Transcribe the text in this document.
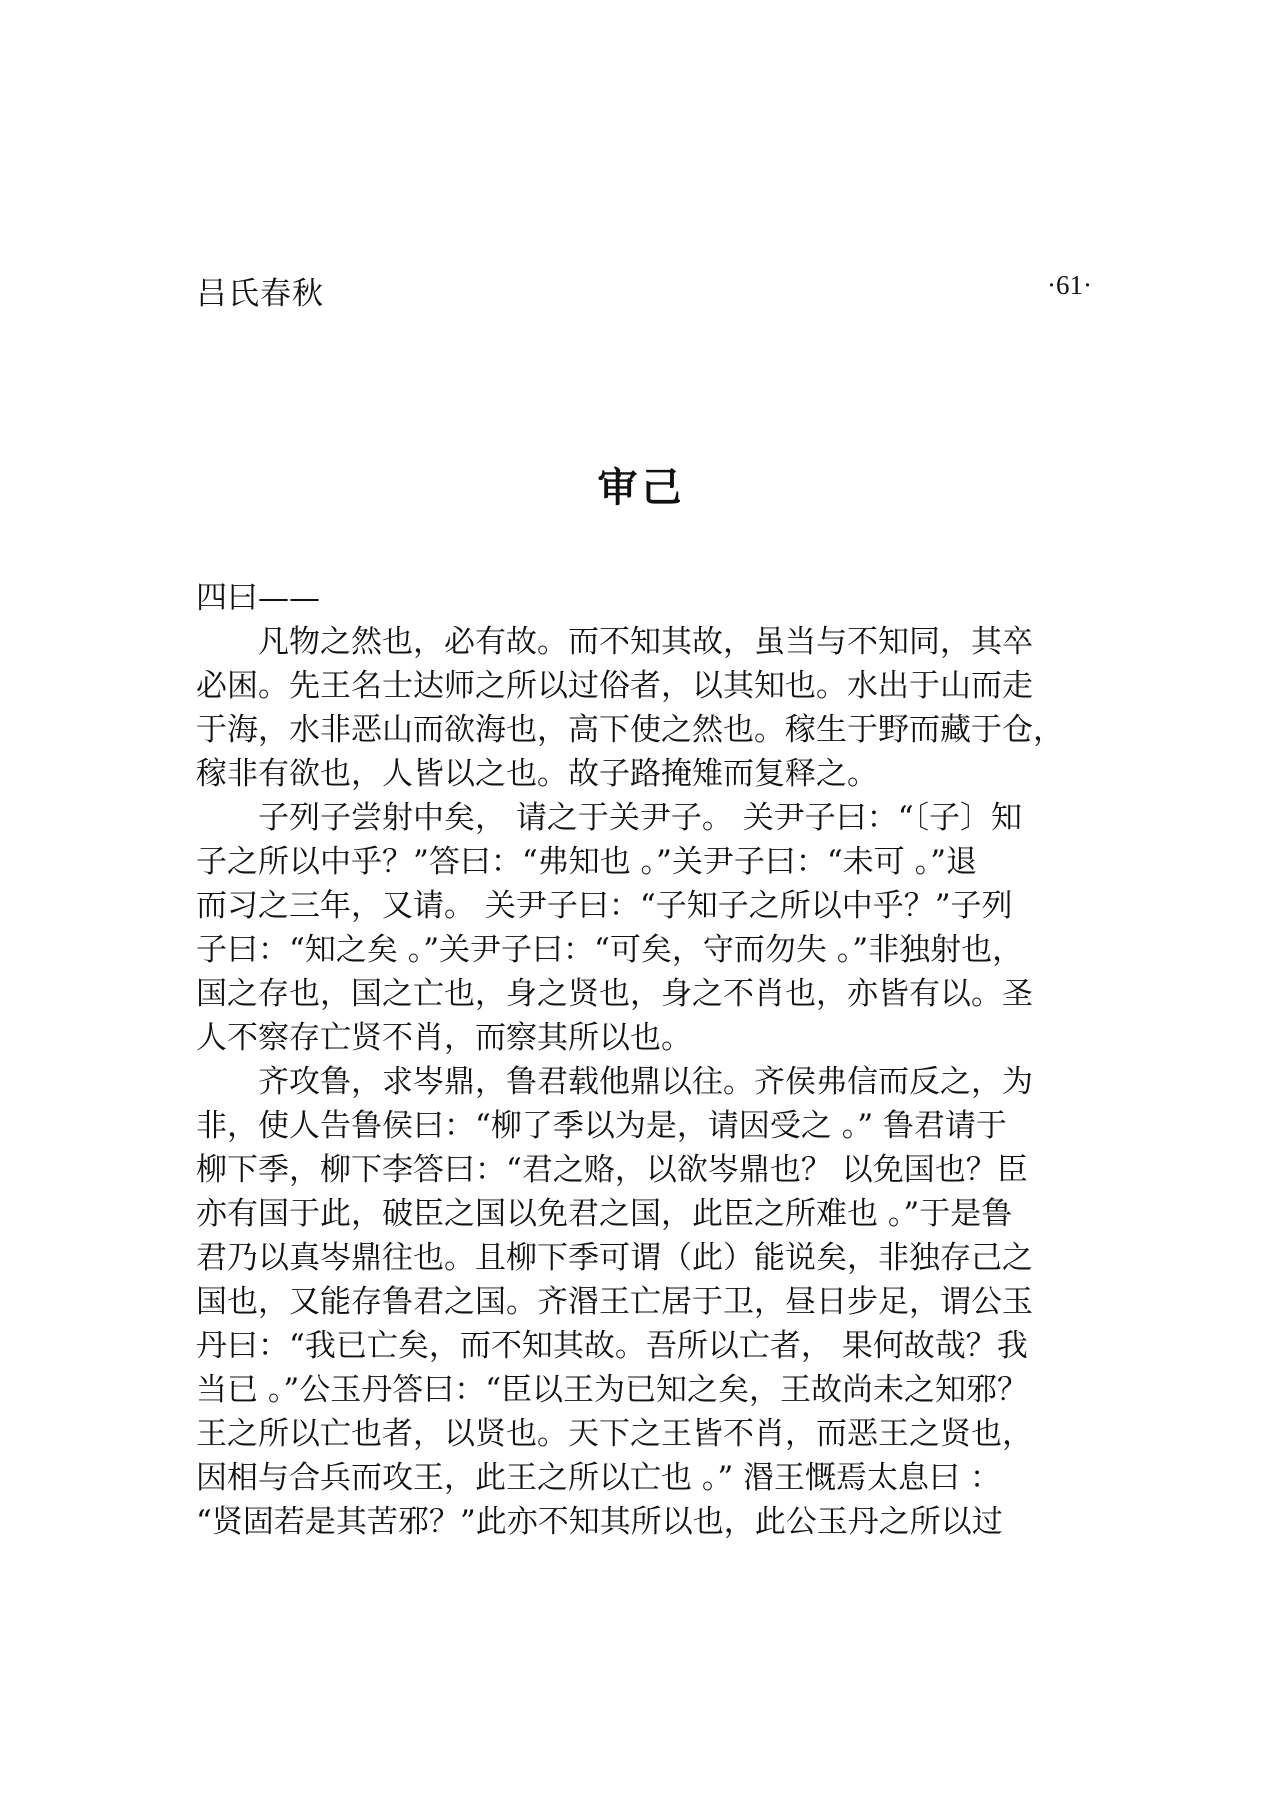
吕氏春秋	·61·
审己
四曰——
　　凡物之然也，必有故。而不知其故，虽当与不知同，其卒
必困。先王名士达师之所以过俗者，以其知也。水出于山而走
于海，水非恶山而欲海也，高下使之然也。稼生于野而藏于仓，
稼非有欲也，人皆以之也。故子路掩雉而复释之。
　　子列子尝射中矣， 请之于关尹子。 关尹子曰：“〔子〕知
子之所以中乎？”答曰：“弗知也 。”关尹子曰：“未可 。”退
而习之三年，又请。 关尹子曰：“子知子之所以中乎？”子列
子曰：“知之矣 。”关尹子曰：“可矣，守而勿失 。”非独射也，
国之存也，国之亡也，身之贤也，身之不肖也，亦皆有以。圣
人不察存亡贤不肖，而察其所以也。
　　齐攻鲁，求岑鼎，鲁君载他鼎以往。齐侯弗信而反之，为
非，使人告鲁侯曰：“柳了季以为是，请因受之 。” 鲁君请于
柳下季，柳下李答曰：“君之赂，以欲岑鼎也？ 以免国也？臣
亦有国于此，破臣之国以免君之国，此臣之所难也 。”于是鲁
君乃以真岑鼎往也。且柳下季可谓（此）能说矣，非独存己之
国也，又能存鲁君之国。齐湣王亡居于卫，昼日步足，谓公玉
丹曰：“我已亡矣，而不知其故。吾所以亡者， 果何故哉？我
当已 。”公玉丹答曰：“臣以王为已知之矣，王故尚未之知邪？
王之所以亡也者，以贤也。天下之王皆不肖，而恶王之贤也，
因相与合兵而攻王，此王之所以亡也 。” 湣王慨焉太息曰 ：
“贤固若是其苦邪？”此亦不知其所以也，此公玉丹之所以过
